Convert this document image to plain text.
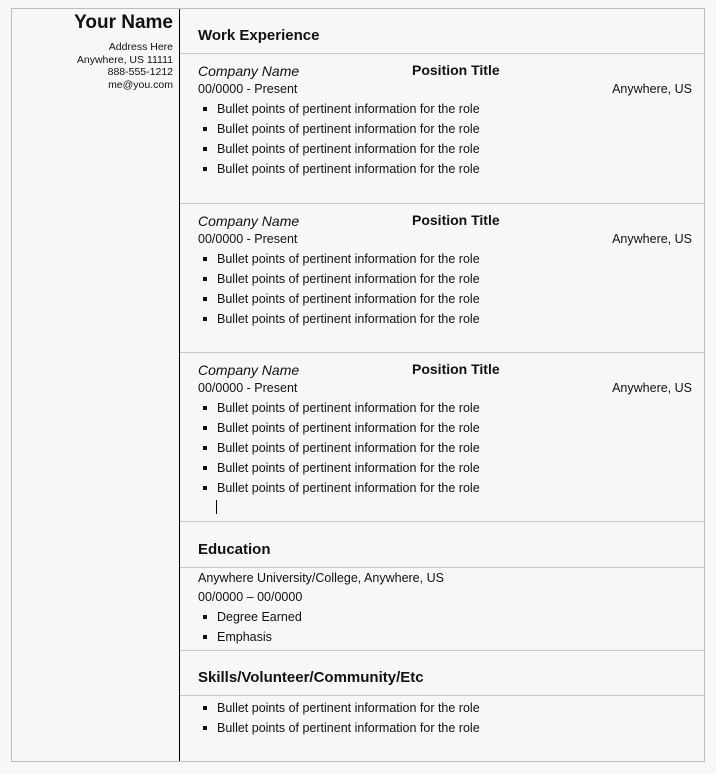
Your Name
Address Here
Anywhere, US 11111
888-555-1212
me@you.com
Work Experience
Company Name	Position Title
00/0000 - Present	Anywhere, US
Bullet points of pertinent information for the role
Bullet points of pertinent information for the role
Bullet points of pertinent information for the role
Bullet points of pertinent information for the role
Company Name	Position Title
00/0000 - Present	Anywhere, US
Bullet points of pertinent information for the role
Bullet points of pertinent information for the role
Bullet points of pertinent information for the role
Bullet points of pertinent information for the role
Company Name	Position Title
00/0000 - Present	Anywhere, US
Bullet points of pertinent information for the role
Bullet points of pertinent information for the role
Bullet points of pertinent information for the role
Bullet points of pertinent information for the role
Bullet points of pertinent information for the role
Education
Anywhere University/College, Anywhere, US
00/0000 – 00/0000
Degree Earned
Emphasis
Skills/Volunteer/Community/Etc
Bullet points of pertinent information for the role
Bullet points of pertinent information for the role
